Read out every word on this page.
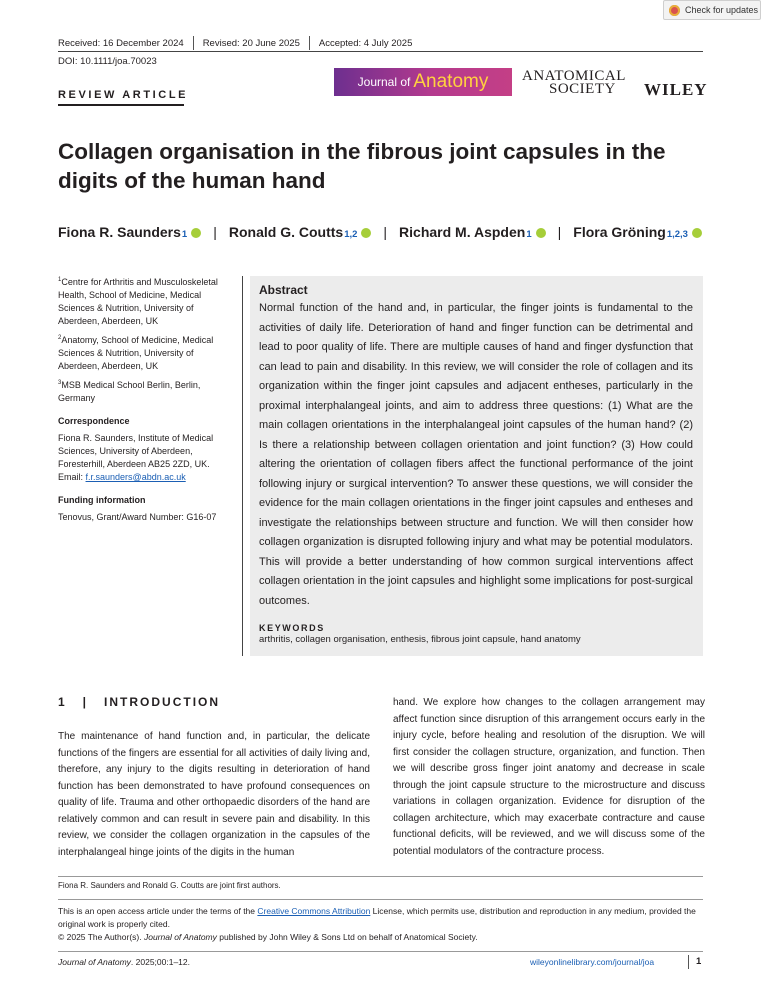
Check for updates
Received: 16 December 2024 Revised: 20 June 2025 Accepted: 4 July 2025
DOI: 10.1111/joa.70023
REVIEW ARTICLE
Journal of Anatomy ANATOMICAL
SOCIETY	WILEY
Collagen organisation in the fibrous joint capsules in the digits of the human hand
Fiona R. Saunders 1 | Ronald G. Coutts 1,2 | Richard M. Aspden 1 | Flora Gröning 1,2,3

$^1$Centre for Arthritis and Musculoskeletal Health, School of Medicine, Medical Sciences & Nutrition, University of Aberdeen, Aberdeen, UK

$^2$Anatomy, School of Medicine, Medical Sciences & Nutrition, University of Aberdeen, Aberdeen, UK

$^3$MSB Medical School Berlin, Berlin, Germany

Correspondence

Fiona R. Saunders, Institute of Medical Sciences, University of Aberdeen, Foresterhill, Aberdeen AB25 2ZD, UK.
Email: f.r.saunders@abdn.ac.uk

Funding information

Tenovus, Grant/Award Number: G16-07

Abstract
Normal function of the hand and, in particular, the finger joints is fundamental to the activities of daily life. Deterioration of hand and finger function can be detrimental and lead to poor quality of life. There are multiple causes of hand and finger dysfunction that can lead to pain and disability. In this review, we will consider the role of collagen and its organization within the finger joint capsules and adjacent entheses, particularly in the proximal interphalangeal joints, and aim to address three questions: (1) What are the main collagen orientations in the interphalangeal joint capsules of the human hand? (2) Is there a relationship between collagen orientation and joint function? (3) How could altering the orientation of collagen fibers affect the functional performance of the joint following injury or surgical intervention? To answer these questions, we will consider the evidence for the main collagen orientations in the finger joint capsules and entheses and investigate the relationships between structure and function. We will then consider how collagen organization is disrupted following injury and what may be potential modulators. This will provide a better understanding of how common surgical interventions affect collagen orientation in the joint capsules and highlight some implications for post-surgical outcomes.
KEYWORDS
arthritis, collagen organisation, enthesis, fibrous joint capsule, hand anatomy
1   |   INTRODUCTION
The maintenance of hand function and, in particular, the delicate functions of the fingers are essential for all activities of daily living and, therefore, any injury to the digits resulting in deterioration of hand function has been demonstrated to have profound consequences on quality of life. Trauma and other orthopaedic disorders of the hand are relatively common and can result in severe pain and disability. In this review, we consider the collagen organization in the capsules of the interphalangeal hinge joints of the digits in the human
hand. We explore how changes to the collagen arrangement may affect function since disruption of this arrangement occurs early in the injury cycle, before healing and resolution of the disruption. We will first consider the collagen structure, organization, and function. Then we will describe gross finger joint anatomy and decrease in scale through the joint capsule structure to the microstructure and discuss variations in collagen organization. Evidence for disruption of the collagen architecture, which may exacerbate contracture and cause functional deficits, will be reviewed, and we will discuss some of the potential modulators of the contracture process.
Fiona R. Saunders and Ronald G. Coutts are joint first authors.
This is an open access article under the terms of the Creative Commons Attribution License, which permits use, distribution and reproduction in any medium, provided the original work is properly cited.
© 2025 The Author(s). Journal of Anatomy published by John Wiley & Sons Ltd on behalf of Anatomical Society.
Journal of Anatomy. 2025;00:1–12.	wileyonlinelibrary.com/journal/joa	1
